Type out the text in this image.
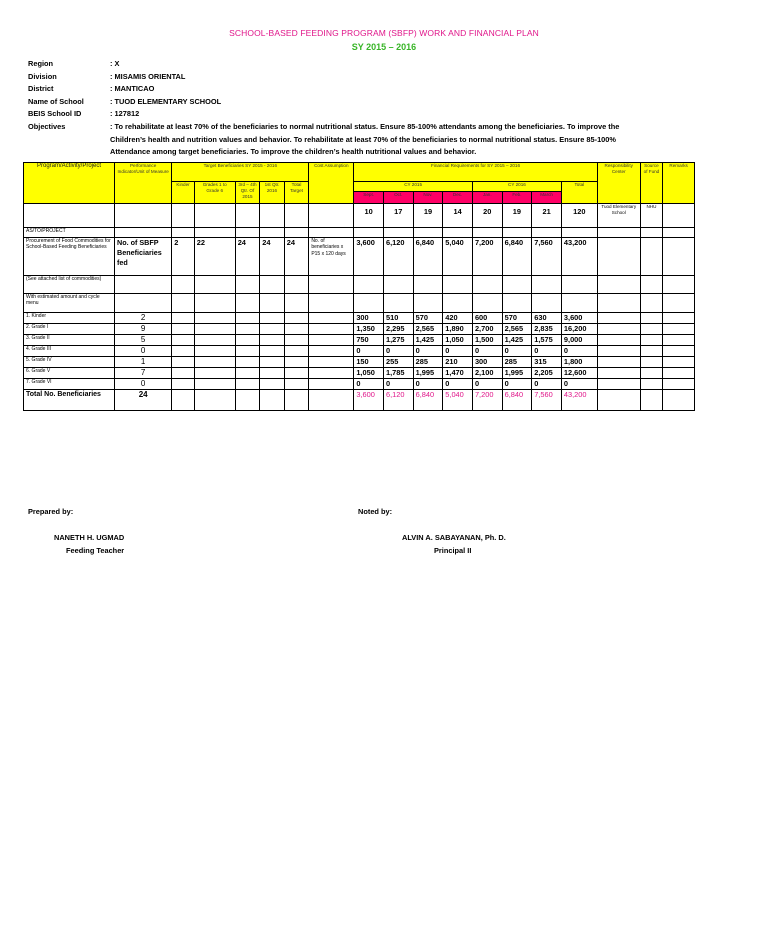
SCHOOL-BASED FEEDING PROGRAM (SBFP) WORK AND FINANCIAL PLAN
SY 2015 – 2016
Region	: X
Division	: MISAMIS ORIENTAL
District	: MANTICAO
Name of School	: TUOD ELEMENTARY SCHOOL
BEIS School ID	: 127812
Objectives	: To rehabilitate at least 70% of the beneficiaries to normal nutritional status. Ensure 85-100% attendants among the beneficiaries. To improve the
Children’s health and nutrition values and behavior. To rehabilitate at least 70% of the beneficiaries to normal nutritional status. Ensure 85-100%
Attendance among target beneficiaries. To improve the children’s health nutritional values and behavior.
Program/Activity/Project	Performance Indicator/Unit of Measure	Target Beneficiaries SY 2015 - 2016					Cost Assumption	Financial Requirements for SY 2015 – 2016								Responsibility Center	Source of Fund	Remarks
		Kinder	Grades 1 to Grade 6	3rd – 4th Qtr. Of 2015	1st Qtr. 2016	Total Target		CY 2015				CY 2016			Total			
								Sept.	Oct.	Nov.	Dec.	Jan.	Feb.	March				
								10	17	19	14	20	19	21	120	Tuod Elementary School	NHU	
AS/TO/PROJECT																		
Procurement of Food Commodities for School-Based Feeding Beneficiaries	No. of SBFP Beneficiaries fed	2	22	24	24	24	No. of beneficiaries x P15 x 120 days	3,600	6,120	6,840	5,040	7,200	6,840	7,560	43,200			
(See attached list of commodities)																		
With estimated amount and cycle menu																		
1. Kinder	2							300	510	570	420	600	570	630	3,600			
2. Grade I	9							1,350	2,295	2,565	1,890	2,700	2,565	2,835	16,200			
3. Grade II	5							750	1,275	1,425	1,050	1,500	1,425	1,575	9,000			
4. Grade III	0							0	0	0	0	0	0	0	0			
5. Grade IV	1							150	255	285	210	300	285	315	1,800			
6. Grade V	7							1,050	1,785	1,995	1,470	2,100	1,995	2,205	12,600			
7. Grade VI	0							0	0	0	0	0	0	0	0			
Total No. Beneficiaries	24							3,600	6,120	6,840	5,040	7,200	6,840	7,560	43,200			
Prepared by:
NANETH H. UGMAD
Feeding Teacher
Noted by:
ALVIN A. SABAYANAN, Ph. D.
Principal II
